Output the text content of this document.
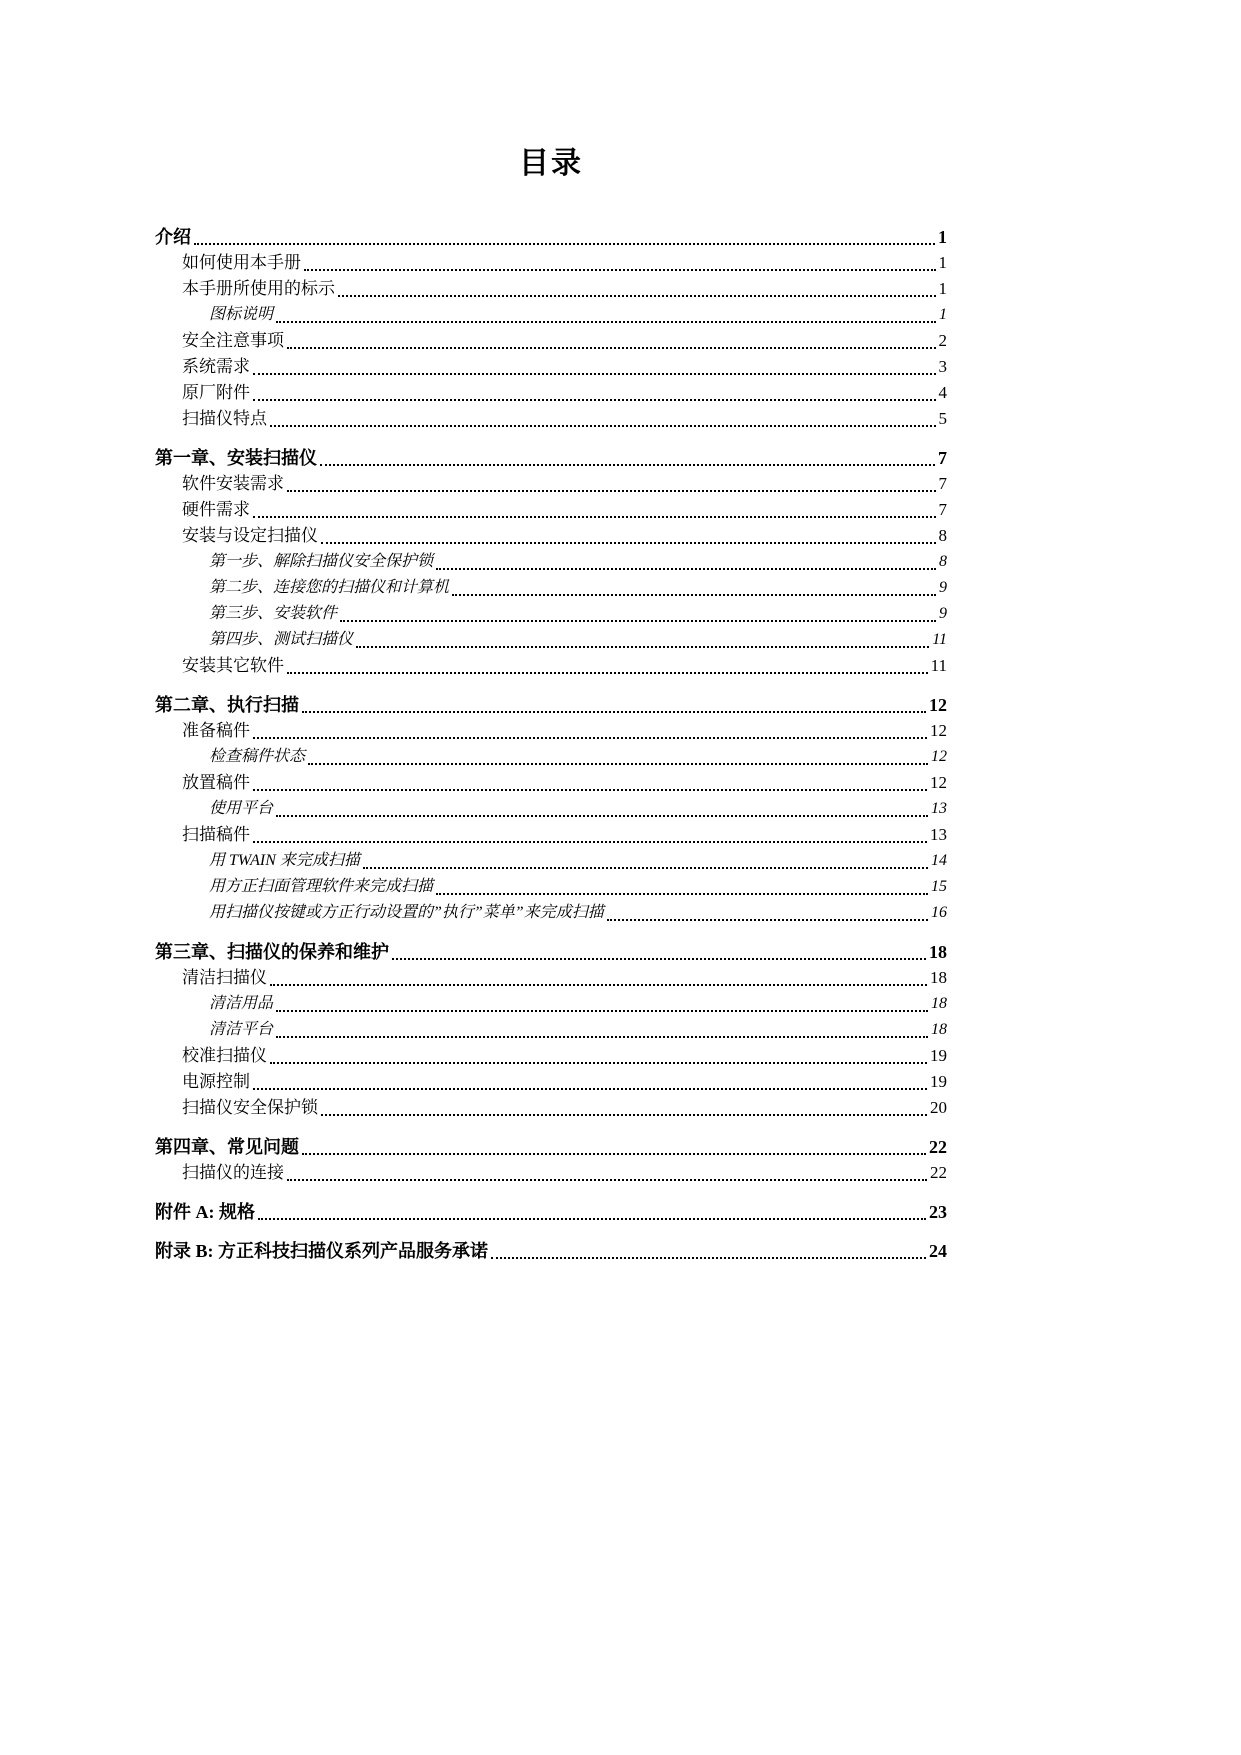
目录
介绍	1
如何使用本手册	1
本手册所使用的标示	1
图标说明	1
安全注意事项	2
系统需求	3
原厂附件	4
扫描仪特点	5
第一章、安装扫描仪	7
软件安装需求	7
硬件需求	7
安装与设定扫描仪	8
第一步、解除扫描仪安全保护锁	8
第二步、连接您的扫描仪和计算机	9
第三步、安装软件	9
第四步、测试扫描仪	11
安装其它软件	11
第二章、执行扫描	12
准备稿件	12
检查稿件状态	12
放置稿件	12
使用平台	13
扫描稿件	13
用 TWAIN 来完成扫描	14
用方正扫面管理软件来完成扫描	15
用扫描仪按键或方正行动设置的”执行”菜单”来完成扫描	16
第三章、扫描仪的保养和维护	18
清洁扫描仪	18
清洁用品	18
清洁平台	18
校准扫描仪	19
电源控制	19
扫描仪安全保护锁	20
第四章、常见问题	22
扫描仪的连接	22
附件 A: 规格	23
附录 B: 方正科技扫描仪系列产品服务承诺	24
